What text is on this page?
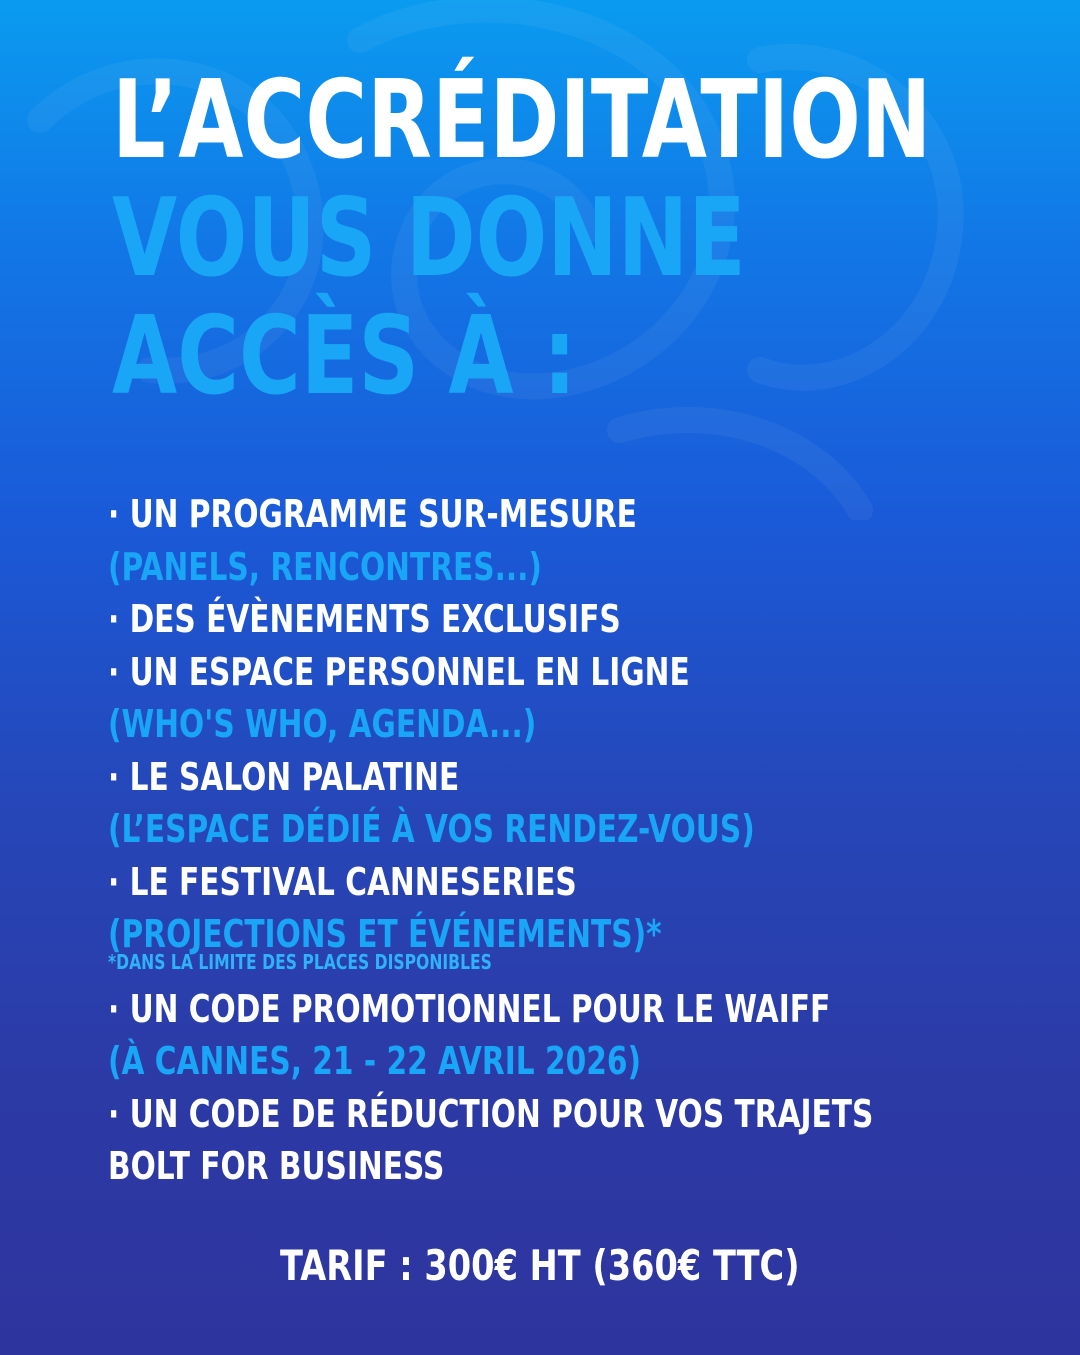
L’ACCRÉDITATION
VOUS DONNE
ACCÈS À :
· UN PROGRAMME SUR-MESURE
(PANELS, RENCONTRES...)
· DES ÉVÈNEMENTS EXCLUSIFS
· UN ESPACE PERSONNEL EN LIGNE
(WHO'S WHO, AGENDA...)
· LE SALON PALATINE
(L’ESPACE DÉDIÉ À VOS RENDEZ-VOUS)
· LE FESTIVAL CANNESERIES
(PROJECTIONS ET ÉVÉNEMENTS)*
*DANS LA LIMITE DES PLACES DISPONIBLES
· UN CODE PROMOTIONNEL POUR LE WAIFF
(À CANNES, 21 - 22 AVRIL 2026)
· UN CODE DE RÉDUCTION POUR VOS TRAJETS
BOLT FOR BUSINESS
TARIF : 300€ HT (360€ TTC)
